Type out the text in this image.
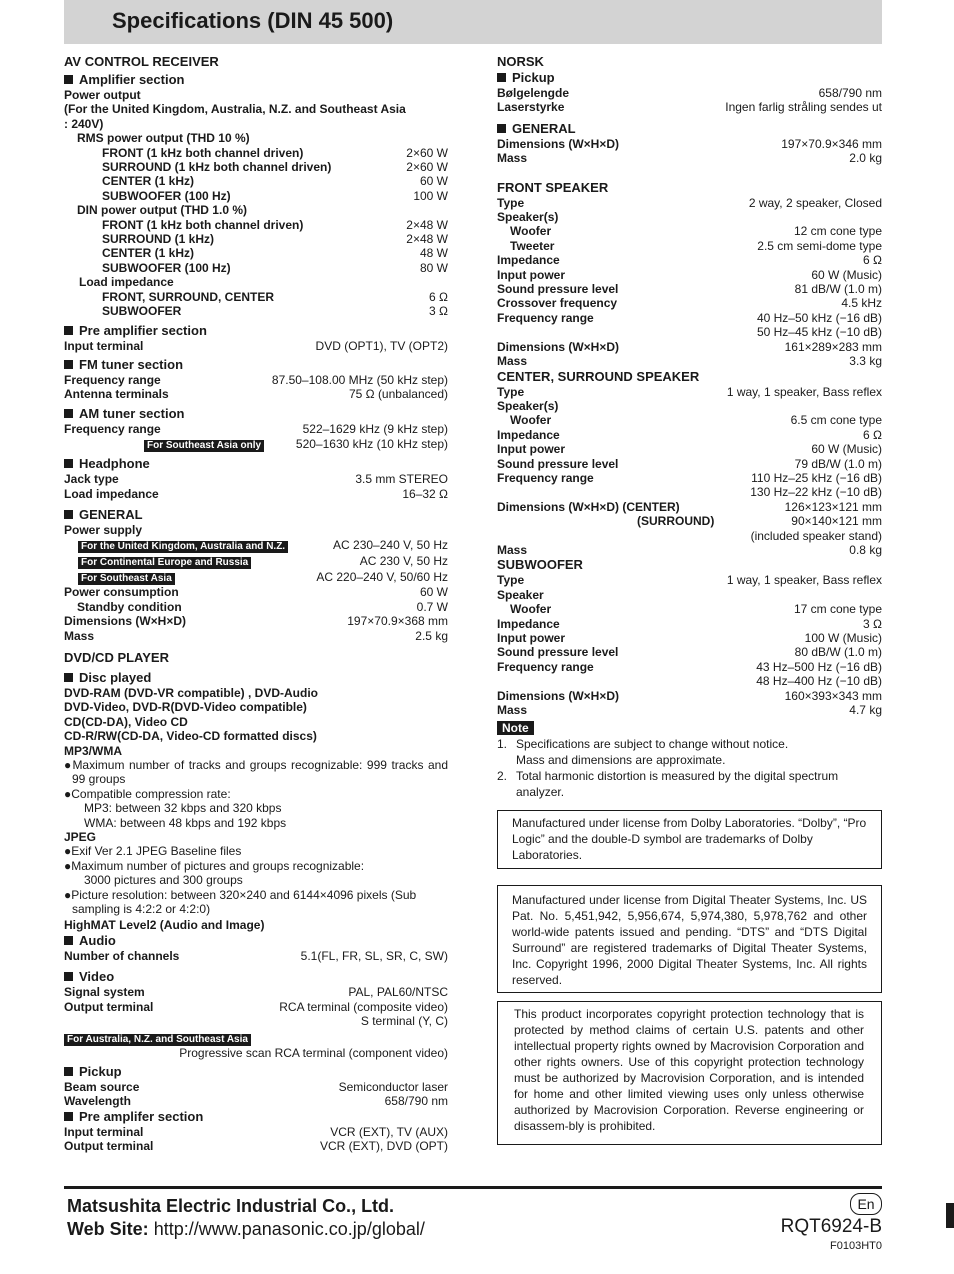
Specifications (DIN 45 500)
AV CONTROL RECEIVER
Amplifier section
Power output
(For the United Kingdom, Australia, N.Z. and Southeast Asia
: 240V)
RMS power output (THD 10 %)
FRONT (1 kHz both channel driven)	2×60 W
SURROUND (1 kHz both channel driven)	2×60 W
CENTER (1 kHz)	60 W
SUBWOOFER (100 Hz)	100 W
DIN power output (THD 1.0 %)
FRONT (1 kHz both channel driven)	2×48 W
SURROUND (1 kHz)	2×48 W
CENTER (1 kHz)	48 W
SUBWOOFER (100 Hz)	80 W
Load impedance
FRONT, SURROUND, CENTER	6 Ω
SUBWOOFER	3 Ω
Pre amplifier section
Input terminal	DVD (OPT1), TV (OPT2)
FM tuner section
Frequency range	87.50–108.00 MHz (50 kHz step)
Antenna terminals	75 Ω (unbalanced)
AM tuner section
Frequency range	522–1629 kHz (9 kHz step)
For Southeast Asia only	520–1630 kHz (10 kHz step)
Headphone
Jack type	3.5 mm STEREO
Load impedance	16–32 Ω
GENERAL
Power supply
For the United Kingdom, Australia and N.Z.	AC 230–240 V, 50 Hz
For Continental Europe and Russia	AC 230 V, 50 Hz
For Southeast Asia	AC 220–240 V, 50/60 Hz
Power consumption	60 W
Standby condition	0.7 W
Dimensions (W×H×D)	197×70.9×368 mm
Mass	2.5 kg
DVD/CD PLAYER
Disc played
DVD-RAM (DVD-VR compatible) , DVD-Audio
DVD-Video, DVD-R(DVD-Video compatible)
CD(CD-DA), Video CD
CD-R/RW(CD-DA, Video-CD formatted discs)
MP3/WMA
●Maximum number of tracks and groups recognizable: 999 tracks and 99 groups
●Compatible compression rate:
MP3: between 32 kbps and 320 kbps
WMA: between 48 kbps and 192 kbps
JPEG
●Exif Ver 2.1 JPEG Baseline files
●Maximum number of pictures and groups recognizable:
3000 pictures and 300 groups
●Picture resolution: between 320×240 and 6144×4096 pixels (Sub sampling is 4:2:2 or 4:2:0)
HighMAT Level2 (Audio and Image)
Audio
Number of channels	5.1(FL, FR, SL, SR, C, SW)
Video
Signal system	PAL, PAL60/NTSC
Output terminal	RCA terminal (composite video)
S terminal (Y, C)
For Australia, N.Z. and Southeast Asia
Progressive scan RCA terminal (component video)
Pickup
Beam source	Semiconductor laser
Wavelength	658/790 nm
Pre amplifer section
Input terminal	VCR (EXT), TV (AUX)
Output terminal	VCR (EXT), DVD (OPT)
NORSK
Pickup
Bølgelengde	658/790 nm
Laserstyrke	Ingen farlig stråling sendes ut
GENERAL
Dimensions (W×H×D)	197×70.9×346 mm
Mass	2.0 kg
FRONT SPEAKER
Type	2 way, 2 speaker, Closed
Speaker(s)
Woofer	12 cm cone type
Tweeter	2.5 cm semi-dome type
Impedance	6 Ω
Input power	60 W (Music)
Sound pressure level	81 dB/W (1.0 m)
Crossover frequency	4.5 kHz
Frequency range	40 Hz–50 kHz (−16 dB)
50 Hz–45 kHz (−10 dB)
Dimensions (W×H×D)	161×289×283 mm
Mass	3.3 kg
CENTER, SURROUND SPEAKER
Type	1 way, 1 speaker, Bass reflex
Speaker(s)
Woofer	6.5 cm cone type
Impedance	6 Ω
Input power	60 W (Music)
Sound pressure level	79 dB/W (1.0 m)
Frequency range	110 Hz–25 kHz (−16 dB)
130 Hz–22 kHz (−10 dB)
Dimensions (W×H×D) (CENTER)	126×123×121 mm
(SURROUND)	90×140×121 mm
(included speaker stand)
Mass	0.8 kg
SUBWOOFER
Type	1 way, 1 speaker, Bass reflex
Speaker
Woofer	17 cm cone type
Impedance	3 Ω
Input power	100 W (Music)
Sound pressure level	80 dB/W (1.0 m)
Frequency range	43 Hz–500 Hz (−16 dB)
48 Hz–400 Hz (−10 dB)
Dimensions (W×H×D)	160×393×343 mm
Mass	4.7 kg
Note
1. Specifications are subject to change without notice.
Mass and dimensions are approximate.
2. Total harmonic distortion is measured by the digital spectrum analyzer.
Manufactured under license from Dolby Laboratories. “Dolby”, “Pro Logic” and the double-D symbol are trademarks of Dolby Laboratories.
Manufactured under license from Digital Theater Systems, Inc. US Pat. No. 5,451,942, 5,956,674, 5,974,380, 5,978,762 and other world-wide patents issued and pending. “DTS” and “DTS Digital Surround” are registered trademarks of Digital Theater Systems, Inc. Copyright 1996, 2000 Digital Theater Systems, Inc. All rights reserved.
This product incorporates copyright protection technology that is protected by method claims of certain U.S. patents and other intellectual property rights owned by Macrovision Corporation and other rights owners. Use of this copyright protection technology must be authorized by Macrovision Corporation, and is intended for home and other limited viewing uses only unless otherwise authorized by Macrovision Corporation. Reverse engineering or disassem-bly is prohibited.
Matsushita Electric Industrial Co., Ltd.
Web Site: http://www.panasonic.co.jp/global/
En
RQT6924-B
F0103HT0
